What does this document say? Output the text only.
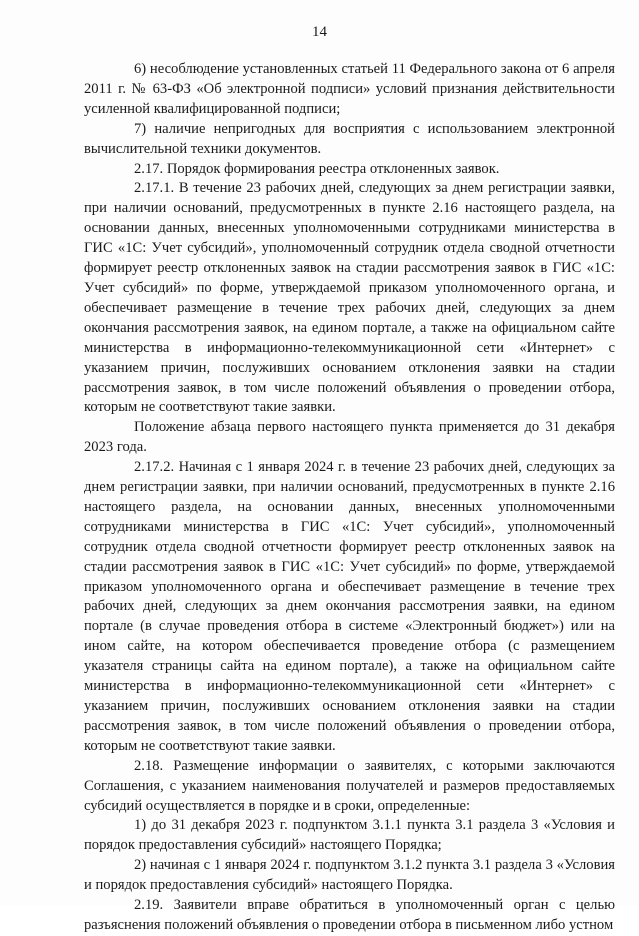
14

6) несоблюдение установленных статьей 11 Федерального закона от 6 апреля 2011 г. № 63-ФЗ «Об электронной подписи» условий признания действительности усиленной квалифицированной подписи;

7) наличие непригодных для восприятия с использованием электронной вычислительной техники документов.

2.17. Порядок формирования реестра отклоненных заявок.

2.17.1. В течение 23 рабочих дней, следующих за днем регистрации заявки, при наличии оснований, предусмотренных в пункте 2.16 настоящего раздела, на основании данных, внесенных уполномоченными сотрудниками министерства в ГИС «1С: Учет субсидий», уполномоченный сотрудник отдела сводной отчетности формирует реестр отклоненных заявок на стадии рассмотрения заявок в ГИС «1С: Учет субсидий» по форме, утверждаемой приказом уполномоченного органа, и обеспечивает размещение в течение трех рабочих дней, следующих за днем окончания рассмотрения заявок, на едином портале, а также на официальном сайте министерства в информационно-телекоммуникационной сети «Интернет» с указанием причин, послуживших основанием отклонения заявки на стадии рассмотрения заявок, в том числе положений объявления о проведении отбора, которым не соответствуют такие заявки.

Положение абзаца первого настоящего пункта применяется до 31 декабря 2023 года.

2.17.2. Начиная с 1 января 2024 г. в течение 23 рабочих дней, следующих за днем регистрации заявки, при наличии оснований, предусмотренных в пункте 2.16 настоящего раздела, на основании данных, внесенных уполномоченными сотрудниками министерства в ГИС «1С: Учет субсидий», уполномоченный сотрудник отдела сводной отчетности формирует реестр отклоненных заявок на стадии рассмотрения заявок в ГИС «1С: Учет субсидий» по форме, утверждаемой приказом уполномоченного органа и обеспечивает размещение в течение трех рабочих дней, следующих за днем окончания рассмотрения заявки, на едином портале (в случае проведения отбора в системе «Электронный бюджет») или на ином сайте, на котором обеспечивается проведение отбора (с размещением указателя страницы сайта на едином портале), а также на официальном сайте министерства в информационно-телекоммуникационной сети «Интернет» с указанием причин, послуживших основанием отклонения заявки на стадии рассмотрения заявок, в том числе положений объявления о проведении отбора, которым не соответствуют такие заявки.

2.18. Размещение информации о заявителях, с которыми заключаются Соглашения, с указанием наименования получателей и размеров предоставляемых субсидий осуществляется в порядке и в сроки, определенные:

1) до 31 декабря 2023 г. подпунктом 3.1.1 пункта 3.1 раздела 3 «Условия и порядок предоставления субсидий» настоящего Порядка;

2) начиная с 1 января 2024 г. подпунктом 3.1.2 пункта 3.1 раздела 3 «Условия и порядок предоставления субсидий» настоящего Порядка.

2.19. Заявители вправе обратиться в уполномоченный орган с целью разъяснения положений объявления о проведении отбора в письменном либо устном
